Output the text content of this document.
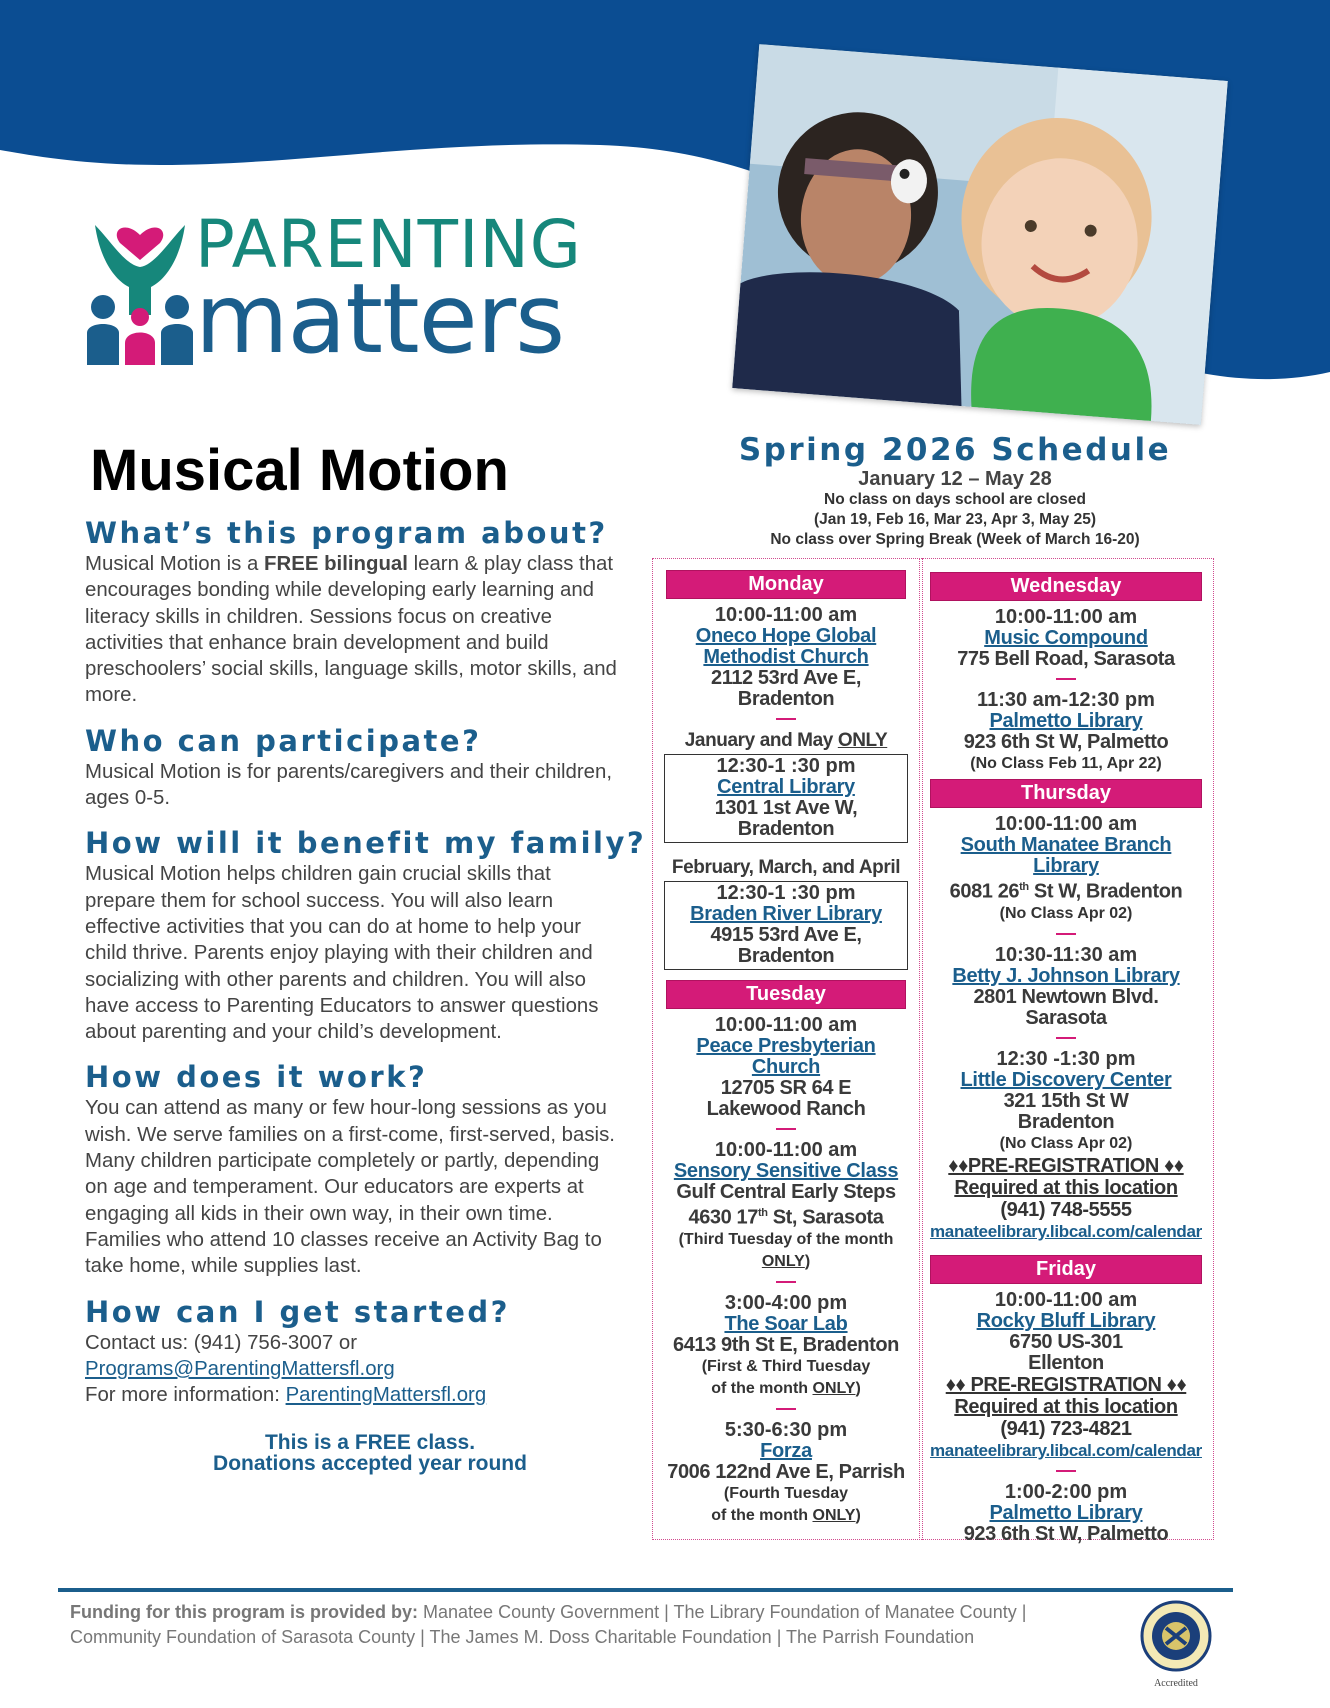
PARENTING
matters
Musical Motion
What’s this program about?
Musical Motion is a FREE bilingual learn & play class that encourages bonding while developing early learning and literacy skills in children. Sessions focus on creative activities that enhance brain development and build preschoolers’ social skills, language skills, motor skills, and more.
Who can participate?
Musical Motion is for parents/caregivers and their children, ages 0-5.
How will it benefit my family?
Musical Motion helps children gain crucial skills that prepare them for school success. You will also learn effective activities that you can do at home to help your child thrive. Parents enjoy playing with their children and socializing with other parents and children. You will also have access to Parenting Educators to answer questions about parenting and your child’s development.
How does it work?
You can attend as many or few hour-long sessions as you wish. We serve families on a first-come, first-served, basis. Many children participate completely or partly, depending on age and temperament. Our educators are experts at engaging all kids in their own way, in their own time. Families who attend 10 classes receive an Activity Bag to take home, while supplies last.
How can I get started?
Contact us: (941) 756-3007 or
Programs@ParentingMattersfl.org
For more information: ParentingMattersfl.org
This is a FREE class.
Donations accepted year round
Spring 2026 Schedule
January 12 – May 28
No class on days school are closed
(Jan 19, Feb 16, Mar 23, Apr 3, May 25)
No class over Spring Break (Week of March 16-20)
Monday
10:00-11:00 am
Oneco Hope Global
Methodist Church
2112 53rd Ave E,
Bradenton
January and May ONLY
12:30-1 :30 pm
Central Library
1301 1st Ave W,
Bradenton
February, March, and April
12:30-1 :30 pm
Braden River Library
4915 53rd Ave E,
Bradenton
Tuesday
10:00-11:00 am
Peace Presbyterian Church
12705 SR 64 E
Lakewood Ranch
10:00-11:00 am
Sensory Sensitive Class
Gulf Central Early Steps
4630 17th St, Sarasota
(Third Tuesday of the month
ONLY)
3:00-4:00 pm
The Soar Lab
6413 9th St E, Bradenton
(First & Third Tuesday
of the month ONLY)
5:30-6:30 pm
Forza
7006 122nd Ave E, Parrish
(Fourth Tuesday
of the month ONLY)
Wednesday
10:00-11:00 am
Music Compound
775 Bell Road, Sarasota
11:30 am-12:30 pm
Palmetto Library
923 6th St W, Palmetto
(No Class Feb 11, Apr 22)
Thursday
10:00-11:00 am
South Manatee Branch
Library
6081 26th St W, Bradenton
(No Class Apr 02)
10:30-11:30 am
Betty J. Johnson Library
2801 Newtown Blvd.
Sarasota
12:30 -1:30 pm
Little Discovery Center
321 15th St W
Bradenton
(No Class Apr 02)
♦♦PRE-REGISTRATION ♦♦
Required at this location
(941) 748-5555
manateelibrary.libcal.com/calendar
Friday
10:00-11:00 am
Rocky Bluff Library
6750 US-301
Ellenton
♦♦ PRE-REGISTRATION ♦♦
Required at this location
(941) 723-4821
manateelibrary.libcal.com/calendar
1:00-2:00 pm
Palmetto Library
923 6th St W, Palmetto
Funding for this program is provided by: Manatee County Government | The Library Foundation of Manatee County |
Community Foundation of Sarasota County | The James M. Doss Charitable Foundation | The Parrish Foundation
Accredited
